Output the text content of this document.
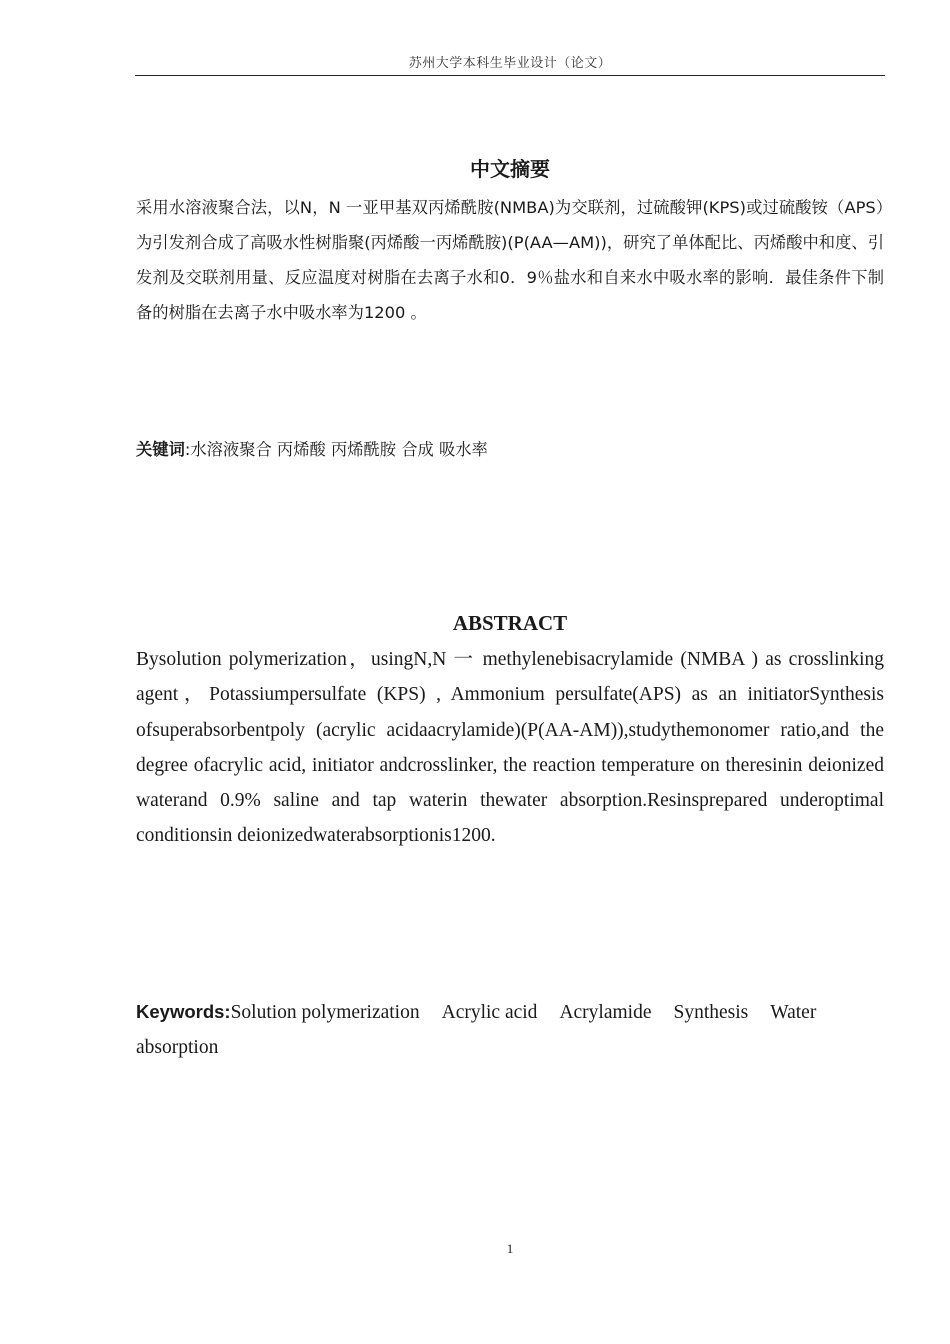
苏州大学本科生毕业设计（论文）
中文摘要

采用水溶液聚合法，以N，N 一亚甲基双丙烯酰胺(NMBA)为交联剂，过硫酸钾(KPS)或过硫酸铵（APS）为引发剂合成了高吸水性树脂聚(丙烯酸一丙烯酰胺)(P(AA—AM))，研究了单体配比、丙烯酸中和度、引发剂及交联剂用量、反应温度对树脂在去离子水和0．9％盐水和自来水中吸水率的影响．最佳条件下制备的树脂在去离子水中吸水率为1200 。

关键词:水溶液聚合 丙烯酸 丙烯酰胺 合成 吸水率

ABSTRACT

Bysolution polymerization，usingN,N 一 methylenebisacrylamide (NMBA ) as crosslinking agent，Potassiumpersulfate (KPS) , Ammonium persulfate(APS) as an initiatorSynthesis ofsuperabsorbentpoly (acrylic acidaacrylamide)(P(AA-AM)),studythemonomer ratio,and the degree ofacrylic acid, initiator andcrosslinker, the reaction temperature on theresinin deionized waterand 0.9% saline and tap waterin thewater absorption.Resinsprepared underoptimal conditionsin deionizedwaterabsorptionis1200.

Keywords:Solution polymerization Acrylic acid Acrylamide Synthesis Water absorption

1
